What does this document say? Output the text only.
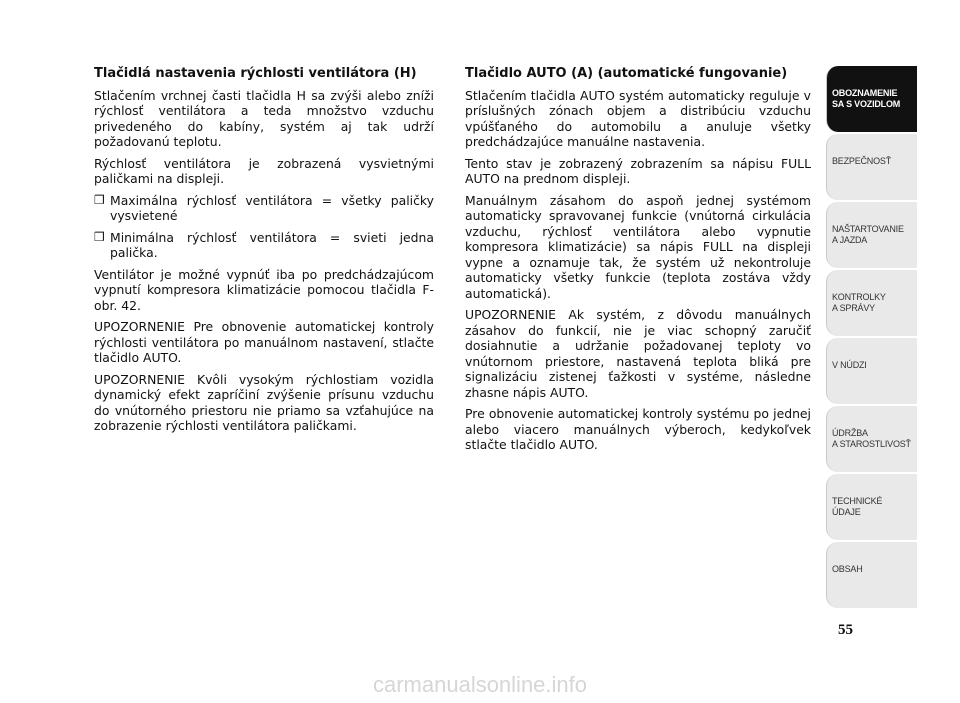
Tlačidlá nastavenia rýchlosti ventilátora (H)

Stlačením vrchnej časti tlačidla H sa zvýši alebo zníži rýchlosť ventilátora a teda množstvo vzduchu privedeného do kabíny, systém aj tak udrží požadovanú teplotu.

Rýchlosť ventilátora je zobrazená vysvietnými paličkami na displeji.

❒ Maximálna rýchlosť ventilátora = všetky paličky vysvietené
❒ Minimálna rýchlosť ventilátora = svieti jedna palička.

Ventilátor je možné vypnúť iba po predchádzajúcom vypnutí kompresora klimatizácie pomocou tlačidla F-obr. 42.

UPOZORNENIE Pre obnovenie automatickej kontroly rýchlosti ventilátora po manuálnom nastavení, stlačte tlačidlo AUTO.

UPOZORNENIE Kvôli vysokým rýchlostiam vozidla dynamický efekt zapríčiní zvýšenie prísunu vzduchu do vnútorného priestoru nie priamo sa vzťahujúce na zobrazenie rýchlosti ventilátora paličkami.

Tlačidlo AUTO (A) (automatické fungovanie)

Stlačením tlačidla AUTO systém automaticky reguluje v príslušných zónach objem a distribúciu vzduchu vpúšťaného do automobilu a anuluje všetky predchádzajúce manuálne nastavenia.

Tento stav je zobrazený zobrazením sa nápisu FULL AUTO na prednom displeji.

Manuálnym zásahom do aspoň jednej systémom automaticky spravovanej funkcie (vnútorná cirkulácia vzduchu, rýchlosť ventilátora alebo vypnutie kompresora klimatizácie) sa nápis FULL na displeji vypne a oznamuje tak, že systém už nekontroluje automaticky všetky funkcie (teplota zostáva vždy automatická).

UPOZORNENIE Ak systém, z dôvodu manuálnych zásahov do funkcií, nie je viac schopný zaručiť dosiahnutie a udržanie požadovanej teploty vo vnútornom priestore, nastavená teplota bliká pre signalizáciu zistenej ťažkosti v systéme, následne zhasne nápis AUTO.

Pre obnovenie automatickej kontroly systému po jednej alebo viacero manuálnych výberoch, kedykoľvek stlačte tlačidlo AUTO.

OBOZNAMENIE
SA S VOZIDLOM
BEZPEČNOSŤ
NAŠTARTOVANIE
A JAZDA
KONTROLKY
A SPRÁVY
V NÚDZI
ÚDRŽBA
A STAROSTLIVOSŤ
TECHNICKÉ
ÚDAJE
OBSAH
55
carmanualsonline.info
